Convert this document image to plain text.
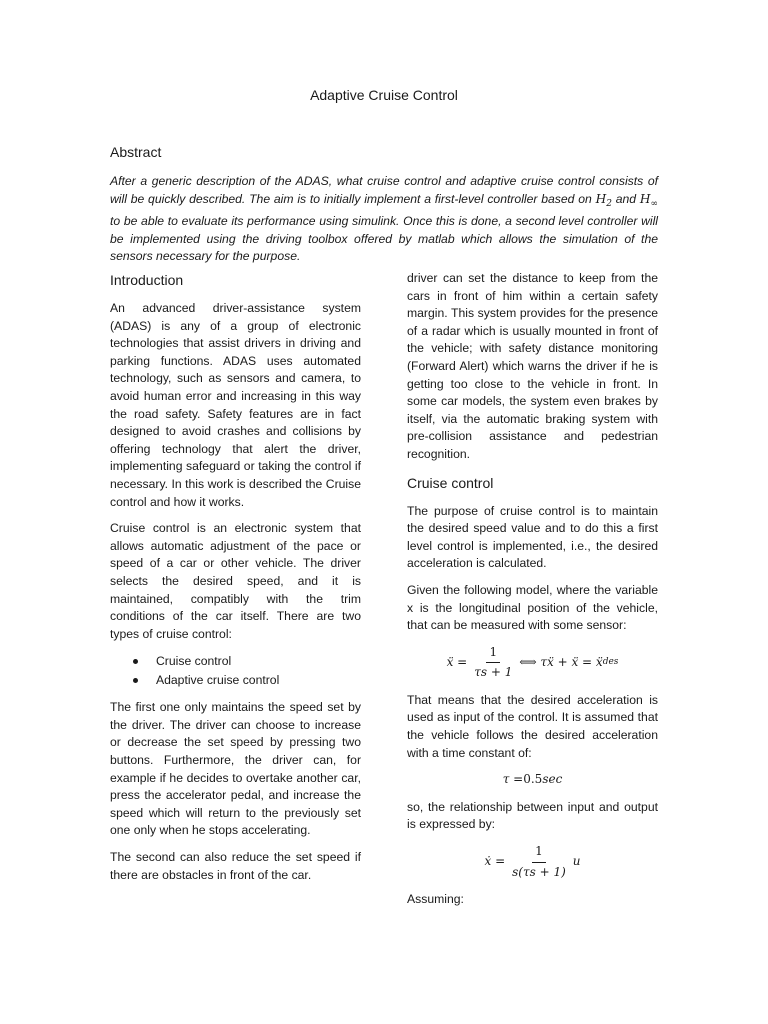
Adaptive Cruise Control
Abstract

After a generic description of the ADAS, what cruise control and adaptive cruise control consists of will be quickly described. The aim is to initially implement a first-level controller based on $H_2$ and $H_\infty$ to be able to evaluate its performance using simulink. Once this is done, a second level controller will be implemented using the driving toolbox offered by matlab which allows the simulation of the sensors necessary for the purpose.

Introduction

An advanced driver-assistance system (ADAS) is any of a group of electronic technologies that assist drivers in driving and parking functions. ADAS uses automated technology, such as sensors and camera, to avoid human error and increasing in this way the road safety. Safety features are in fact designed to avoid crashes and collisions by offering technology that alert the driver, implementing safeguard or taking the control if necessary. In this work is described the Cruise control and how it works.

Cruise control is an electronic system that allows automatic adjustment of the pace or speed of a car or other vehicle. The driver selects the desired speed, and it is maintained, compatibly with the trim conditions of the car itself. There are two types of cruise control:

Cruise control
Adaptive cruise control

The first one only maintains the speed set by the driver. The driver can choose to increase or decrease the set speed by pressing two buttons. Furthermore, the driver can, for example if he decides to overtake another car, press the accelerator pedal, and increase the speed which will return to the previously set one only when he stops accelerating.

The second can also reduce the set speed if there are obstacles in front of the car.

driver can set the distance to keep from the cars in front of him within a certain safety margin. This system provides for the presence of a radar which is usually mounted in front of the vehicle; with safety distance monitoring (Forward Alert) which warns the driver if he is getting too close to the vehicle in front. In some car models, the system even brakes by itself, via the automatic braking system with pre-collision assistance and pedestrian recognition.

Cruise control

The purpose of cruise control is to maintain the desired speed value and to do this a first level control is implemented, i.e., the desired acceleration is calculated.

Given the following model, where the variable x is the longitudinal position of the vehicle, that can be measured with some sensor:

ẍ = $\frac{1}{\tau s + 1}$ ⟺ τẍ + ẍ = ẍ des

That means that the desired acceleration is used as input of the control. It is assumed that the vehicle follows the desired acceleration with a time constant of:

τ = 0.5 sec

so, the relationship between input and output is expressed by:

ẋ = $\frac{1}{s(\tau s + 1)}$ u

Assuming:
